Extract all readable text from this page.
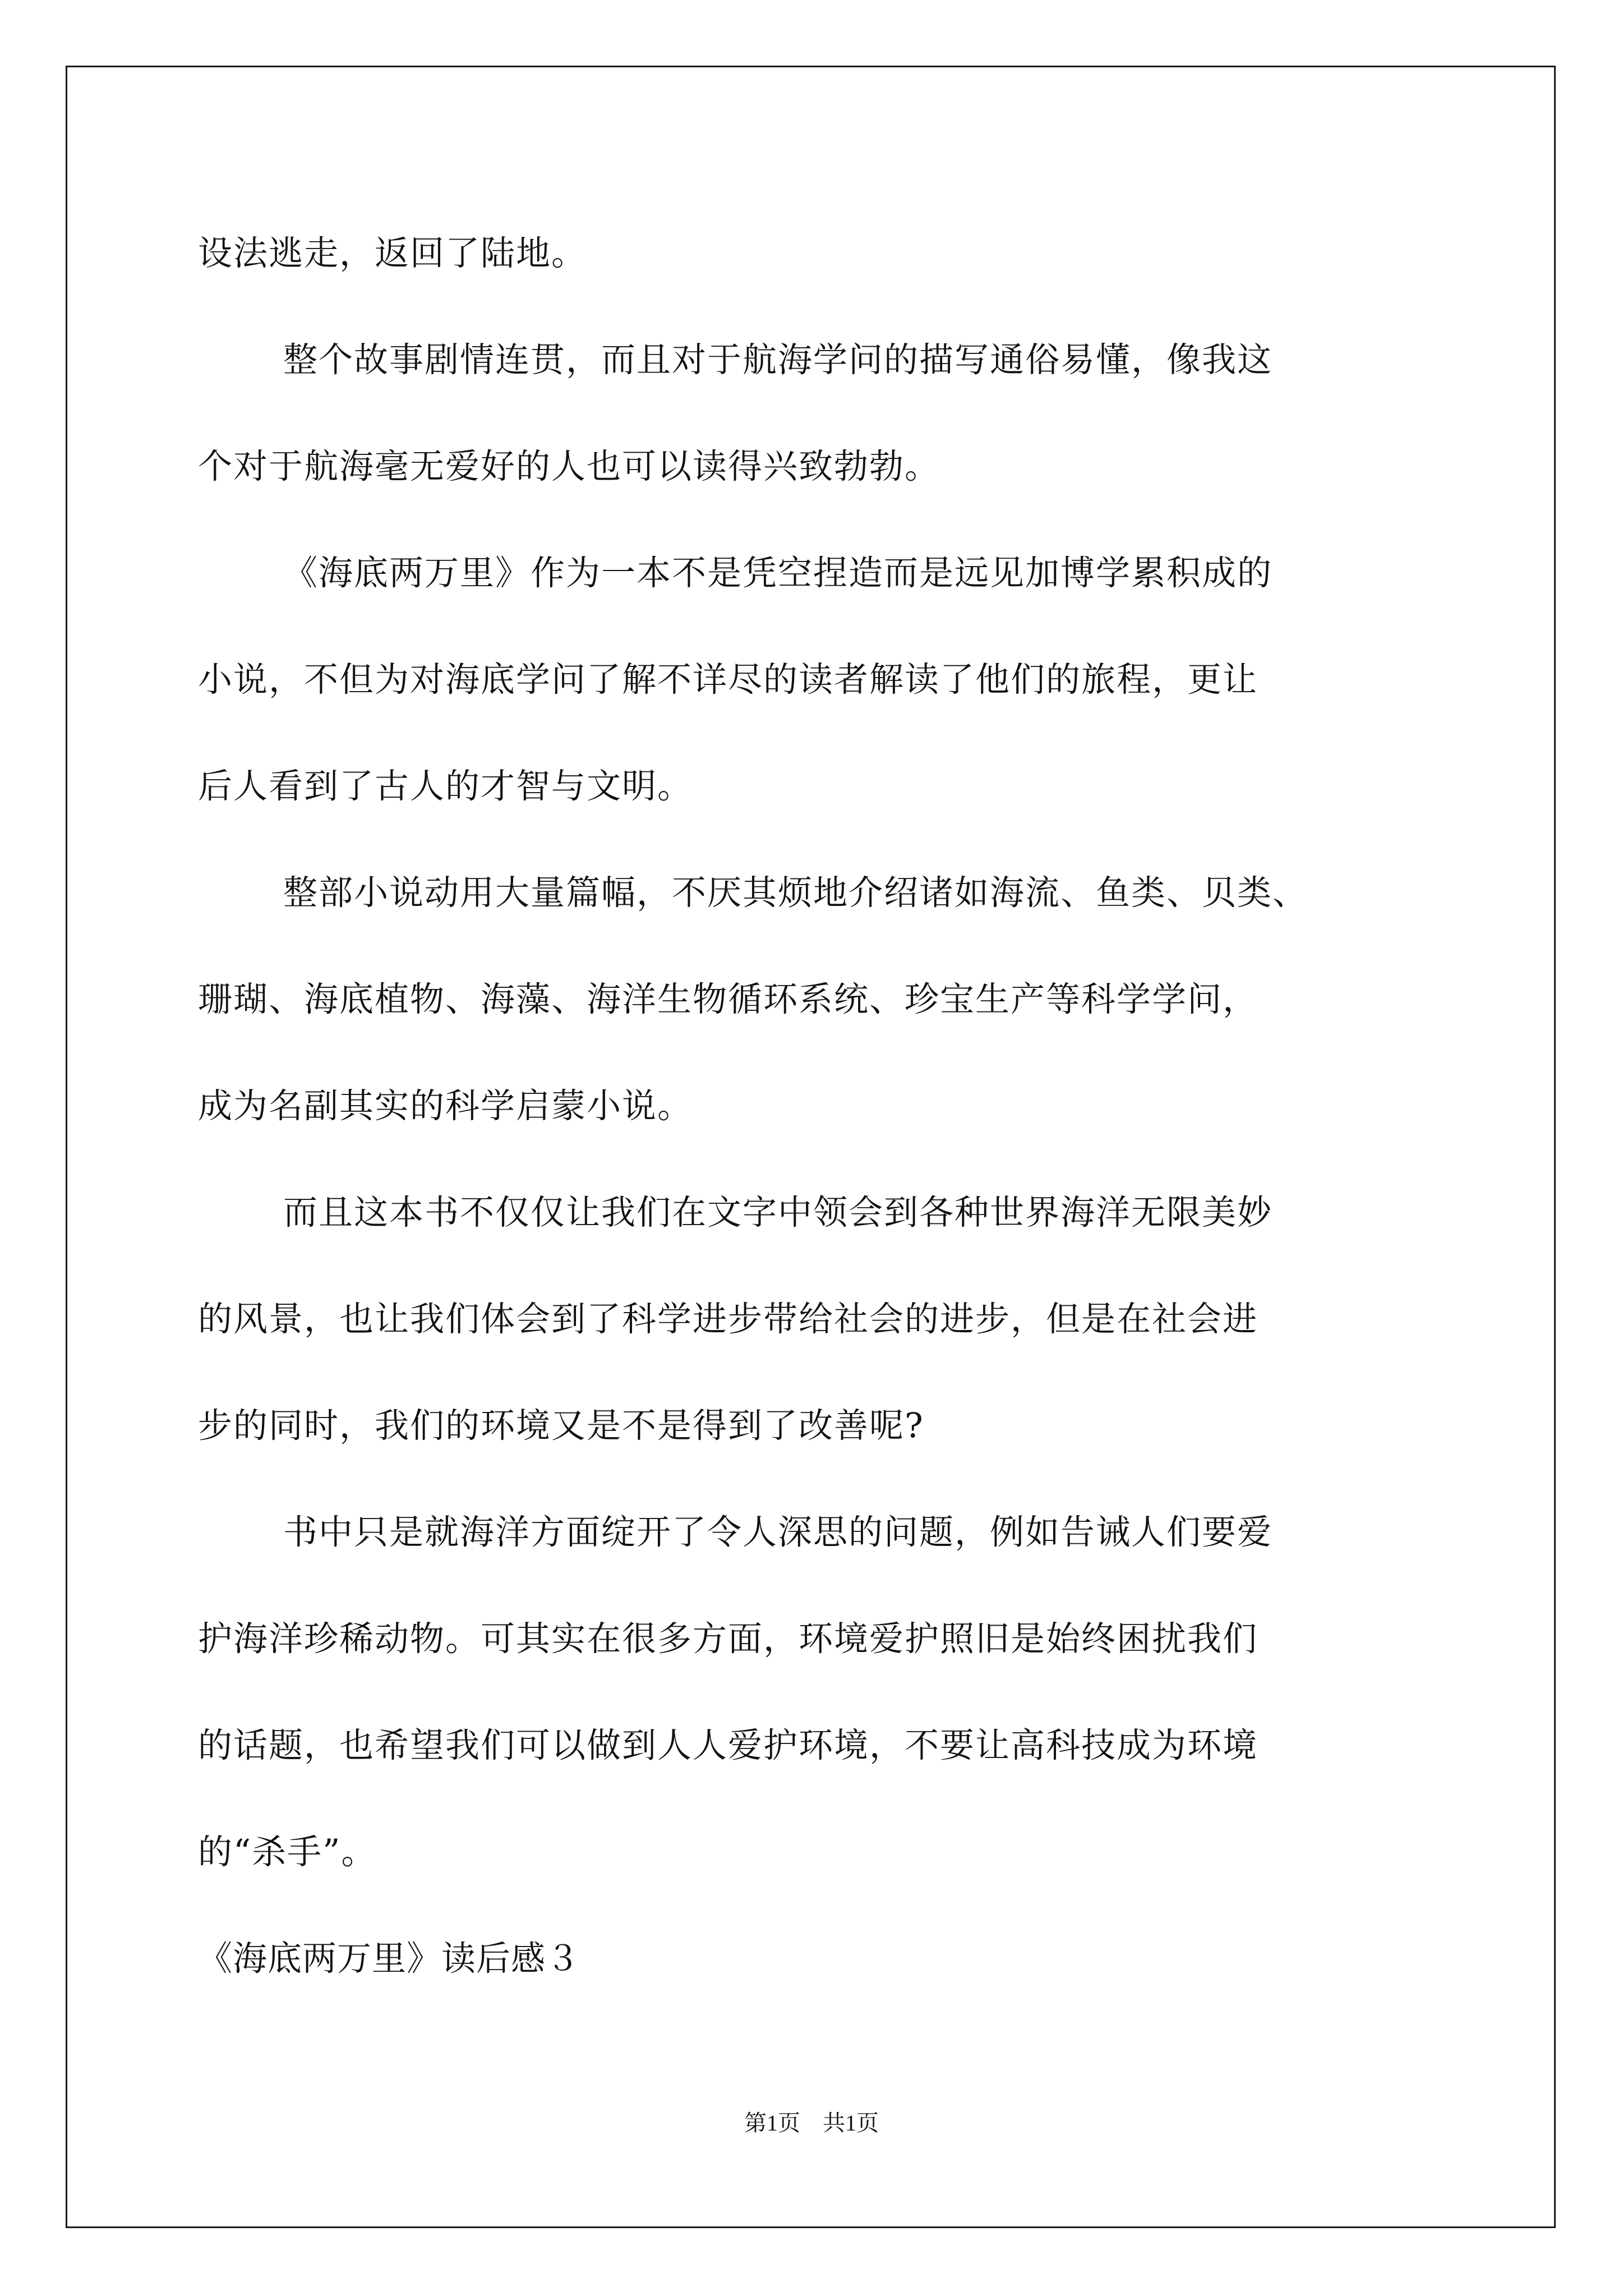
设法逃走，返回了陆地。
整个故事剧情连贯，而且对于航海学问的描写通俗易懂，像我这
个对于航海毫无爱好的人也可以读得兴致勃勃。
《海底两万里》作为一本不是凭空捏造而是远见加博学累积成的
小说，不但为对海底学问了解不详尽的读者解读了他们的旅程，更让
后人看到了古人的才智与文明。
整部小说动用大量篇幅，不厌其烦地介绍诸如海流、鱼类、贝类、
珊瑚、海底植物、海藻、海洋生物循环系统、珍宝生产等科学学问，
成为名副其实的科学启蒙小说。
而且这本书不仅仅让我们在文字中领会到各种世界海洋无限美妙
的风景，也让我们体会到了科学进步带给社会的进步，但是在社会进
步的同时，我们的环境又是不是得到了改善呢?
书中只是就海洋方面绽开了令人深思的问题，例如告诫人们要爱
护海洋珍稀动物。可其实在很多方面，环境爱护照旧是始终困扰我们
的话题，也希望我们可以做到人人爱护环境，不要让高科技成为环境
的“杀手”。
《海底两万里》读后感３
第1页 共1页
